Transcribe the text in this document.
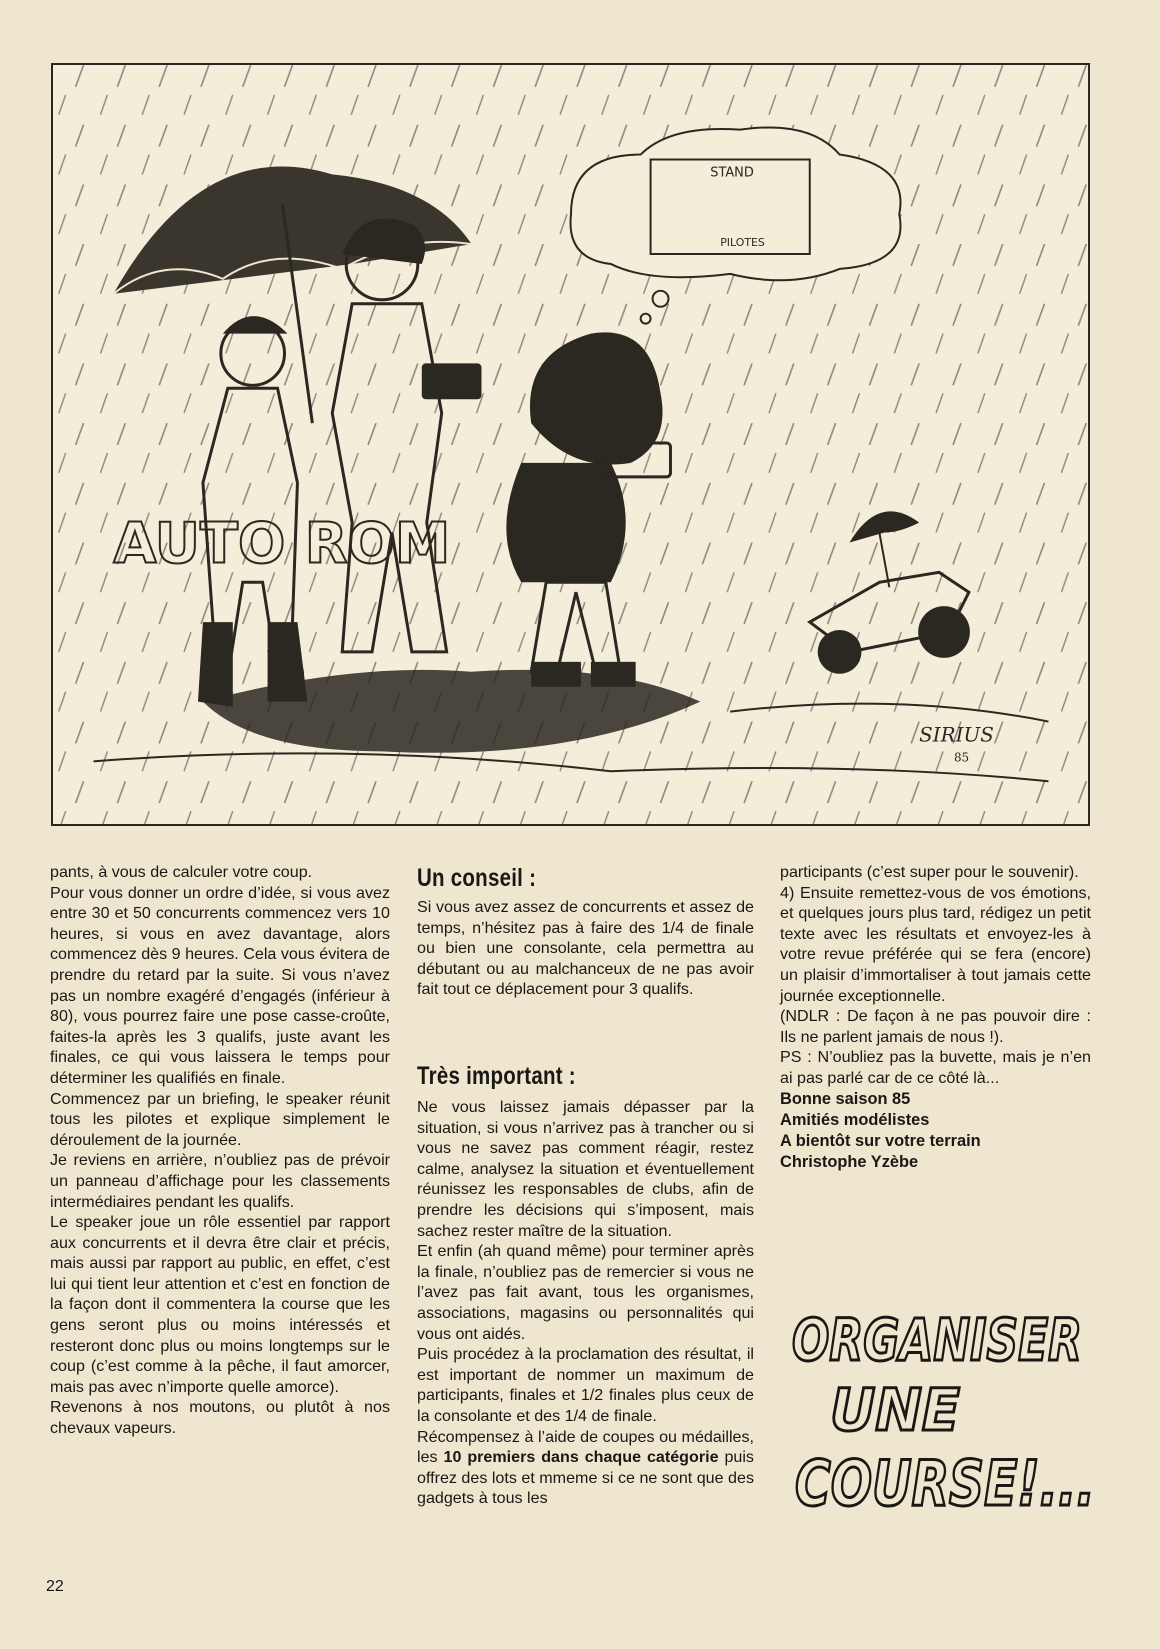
AUTO ROM
STAND
PILOTES
SIRIUS
85

pants, à vous de calculer votre coup.

Pour vous donner un ordre d’idée, si vous avez entre 30 et 50 concurrents commencez vers 10 heures, si vous en avez davantage, alors commencez dès 9 heures. Cela vous évitera de prendre du retard par la suite. Si vous n’avez pas un nombre exagéré d’engagés (inférieur à 80), vous pourrez faire une pose casse-croûte, faites-la après les 3 qualifs, juste avant les finales, ce qui vous laissera le temps pour déterminer les qualifiés en finale.

Commencez par un briefing, le speaker réunit tous les pilotes et explique simplement le déroulement de la journée.

Je reviens en arrière, n’oubliez pas de prévoir un panneau d’affichage pour les classements intermédiaires pendant les qualifs.

Le speaker joue un rôle essentiel par rapport aux concurrents et il devra être clair et précis, mais aussi par rapport au public, en effet, c’est lui qui tient leur attention et c’est en fonction de la façon dont il commentera la course que les gens seront plus ou moins intéressés et resteront donc plus ou moins longtemps sur le coup (c’est comme à la pêche, il faut amorcer, mais pas avec n’importe quelle amorce).

Revenons à nos moutons, ou plutôt à nos chevaux vapeurs.

Un conseil :

Si vous avez assez de concurrents et assez de temps, n’hésitez pas à faire des 1/4 de finale ou bien une consolante, cela permettra au débutant ou au malchanceux de ne pas avoir fait tout ce déplacement pour 3 qualifs.

Très important :

Ne vous laissez jamais dépasser par la situation, si vous n’arrivez pas à trancher ou si vous ne savez pas comment réagir, restez calme, analysez la situation et éventuellement réunissez les responsables de clubs, afin de prendre les décisions qui s’imposent, mais sachez rester maître de la situation.

Et enfin (ah quand même) pour terminer après la finale, n’oubliez pas de remercier si vous ne l’avez pas fait avant, tous les organismes, associations, magasins ou personnalités qui vous ont aidés.

Puis procédez à la proclamation des résultat, il est important de nommer un maximum de participants, finales et 1/2 finales plus ceux de la consolante et des 1/4 de finale.

Récompensez à l’aide de coupes ou médailles, les 10 premiers dans chaque catégorie puis offrez des lots et mmeme si ce ne sont que des gadgets à tous les

participants (c’est super pour le souvenir).

4) Ensuite remettez-vous de vos émotions, et quelques jours plus tard, rédigez un petit texte avec les résultats et envoyez-les à votre revue préférée qui se fera (encore) un plaisir d’immortaliser à tout jamais cette journée exceptionnelle.

(NDLR : De façon à ne pas pouvoir dire : Ils ne parlent jamais de nous !).

PS : N’oubliez pas la buvette, mais je n’en ai pas parlé car de ce côté là...

Bonne saison 85

Amitiés modélistes

A bientôt sur votre terrain

Christophe Yzèbe

ORGANISER
UNE
COURSE!...
22
